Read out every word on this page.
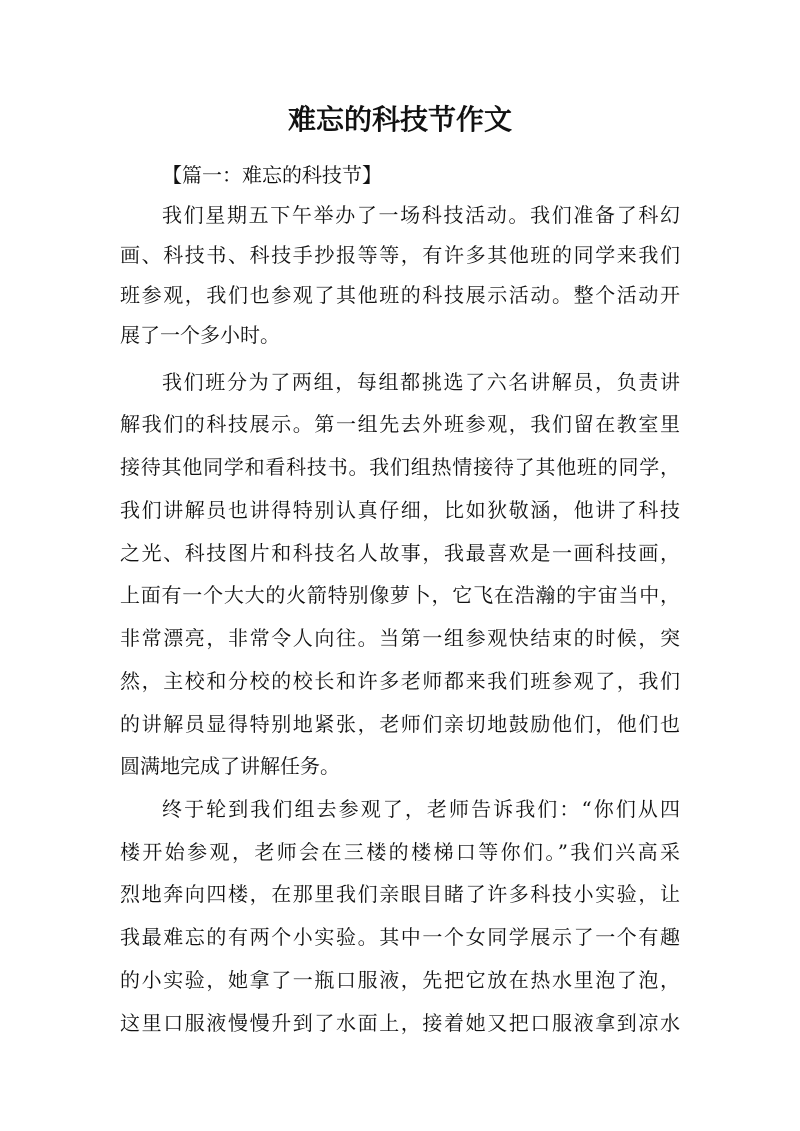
难忘的科技节作文
【篇一：难忘的科技节】
我们星期五下午举办了一场科技活动。我们准备了科幻
画、科技书、科技手抄报等等，有许多其他班的同学来我们
班参观，我们也参观了其他班的科技展示活动。整个活动开
展了一个多小时。
我们班分为了两组，每组都挑选了六名讲解员，负责讲
解我们的科技展示。第一组先去外班参观，我们留在教室里
接待其他同学和看科技书。我们组热情接待了其他班的同学，
我们讲解员也讲得特别认真仔细，比如狄敬涵，他讲了科技
之光、科技图片和科技名人故事，我最喜欢是一画科技画，
上面有一个大大的火箭特别像萝卜，它飞在浩瀚的宇宙当中，
非常漂亮，非常令人向往。当第一组参观快结束的时候，突
然，主校和分校的校长和许多老师都来我们班参观了，我们
的讲解员显得特别地紧张，老师们亲切地鼓励他们，他们也
圆满地完成了讲解任务。
终于轮到我们组去参观了，老师告诉我们：“你们从四
楼开始参观，老师会在三楼的楼梯口等你们。”我们兴高采
烈地奔向四楼，在那里我们亲眼目睹了许多科技小实验，让
我最难忘的有两个小实验。其中一个女同学展示了一个有趣
的小实验，她拿了一瓶口服液，先把它放在热水里泡了泡，
这里口服液慢慢升到了水面上，接着她又把口服液拿到凉水
